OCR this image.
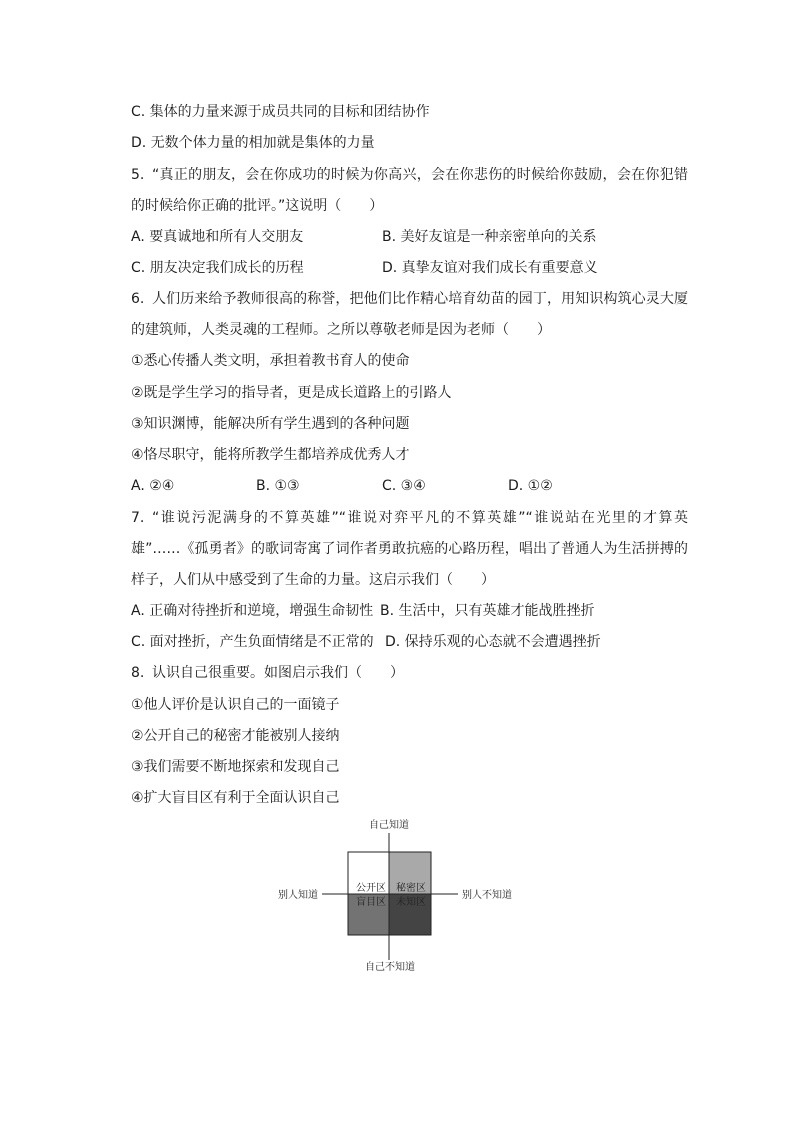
C. 集体的力量来源于成员共同的目标和团结协作
D. 无数个体力量的相加就是集体的力量
5. “真正的朋友，会在你成功的时候为你高兴，会在你悲伤的时候给你鼓励，会在你犯错
的时候给你正确的批评。”这说明（　　）
A. 要真诚地和所有人交朋友	B. 美好友谊是一种亲密单向的关系
C. 朋友决定我们成长的历程	D. 真挚友谊对我们成长有重要意义
6. 人们历来给予教师很高的称誉，把他们比作精心培育幼苗的园丁，用知识构筑心灵大厦
的建筑师，人类灵魂的工程师。之所以尊敬老师是因为老师（　　）
①悉心传播人类文明，承担着教书育人的使命
②既是学生学习的指导者，更是成长道路上的引路人
③知识渊博，能解决所有学生遇到的各种问题
④恪尽职守，能将所教学生都培养成优秀人才
A. ②④	B. ①③	C. ③④	D. ①②
7. “谁说污泥满身的不算英雄”“谁说对弈平凡的不算英雄”“谁说站在光里的才算英
雄”……《孤勇者》的歌词寄寓了词作者勇敢抗癌的心路历程，唱出了普通人为生活拼搏的
样子，人们从中感受到了生命的力量。这启示我们（　　）
A. 正确对待挫折和逆境，增强生命韧性 B. 生活中，只有英雄才能战胜挫折
C. 面对挫折，产生负面情绪是不正常的 D. 保持乐观的心态就不会遭遇挫折
8. 认识自己很重要。如图启示我们（　　）
①他人评价是认识自己的一面镜子
②公开自己的秘密才能被别人接纳
③我们需要不断地探索和发现自己
④扩大盲目区有利于全面认识自己
自己知道
自己不知道
别人知道	别人不知道
公开区 秘密区
盲目区 未知区
